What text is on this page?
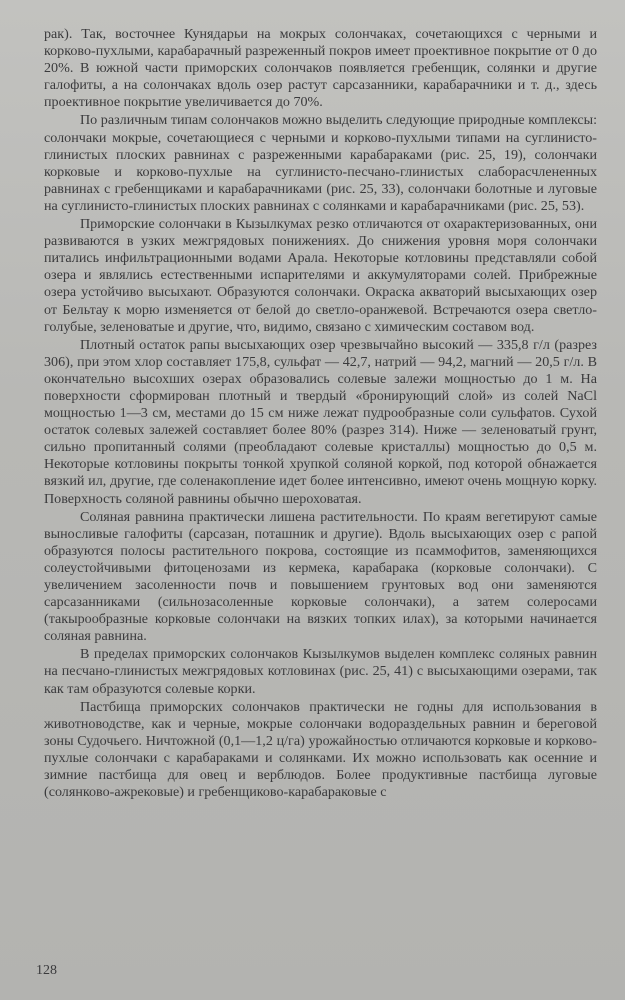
рак). Так, восточнее Кунядарьи на мокрых солончаках, сочетающихся с черными и корково-пухлыми, карабарачный разреженный покров имеет проективное покрытие от 0 до 20%. В южной части приморских солончаков появляется гребенщик, солянки и другие галофиты, а на солончаках вдоль озер растут сарсазанники, карабарачники и т. д., здесь проективное покрытие увеличивается до 70%.

По различным типам солончаков можно выделить следующие природные комплексы: солончаки мокрые, сочетающиеся с черными и корково-пухлыми типами на суглинисто-глинистых плоских равнинах с разреженными карабараками (рис. 25, 19), солончаки корковые и корково-пухлые на суглинисто-песчано-глинистых слаборасчлененных равнинах с гребенщиками и карабарачниками (рис. 25, 33), солончаки болотные и луговые на суглинисто-глинистых плоских равнинах с солянками и карабарачниками (рис. 25, 53).

Приморские солончаки в Кызылкумах резко отличаются от охарактеризованных, они развиваются в узких межгрядовых понижениях. До снижения уровня моря солончаки питались инфильтрационными водами Арала. Некоторые котловины представляли собой озера и являлись естественными испарителями и аккумуляторами солей. Прибрежные озера устойчиво высыхают. Образуются солончаки. Окраска акваторий высыхающих озер от Бельтау к морю изменяется от белой до светло-оранжевой. Встречаются озера светло-голубые, зеленоватые и другие, что, видимо, связано с химическим составом вод.

Плотный остаток рапы высыхающих озер чрезвычайно высокий — 335,8 г/л (разрез 306), при этом хлор составляет 175,8, сульфат — 42,7, натрий — 94,2, магний — 20,5 г/л. В окончательно высохших озерах образовались солевые залежи мощностью до 1 м. На поверхности сформирован плотный и твердый «бронирующий слой» из солей NaCl мощностью 1—3 см, местами до 15 см ниже лежат пудрообразные соли сульфатов. Сухой остаток солевых залежей составляет более 80% (разрез 314). Ниже — зеленоватый грунт, сильно пропитанный солями (преобладают солевые кристаллы) мощностью до 0,5 м. Некоторые котловины покрыты тонкой хрупкой соляной коркой, под которой обнажается вязкий ил, другие, где соленакопление идет более интенсивно, имеют очень мощную корку. Поверхность соляной равнины обычно шероховатая.

Соляная равнина практически лишена растительности. По краям вегетируют самые выносливые галофиты (сарсазан, поташник и другие). Вдоль высыхающих озер с рапой образуются полосы растительного покрова, состоящие из псаммофитов, заменяющихся солеустойчивыми фитоценозами из кермека, карабарака (корковые солончаки). С увеличением засоленности почв и повышением грунтовых вод они заменяются сарсазанниками (сильнозасоленные корковые солончаки), а затем солеросами (такырообразные корковые солончаки на вязких топких илах), за которыми начинается соляная равнина.

В пределах приморских солончаков Кызылкумов выделен комплекс соляных равнин на песчано-глинистых межгрядовых котловинах (рис. 25, 41) с высыхающими озерами, так как там образуются солевые корки.

Пастбища приморских солончаков практически не годны для использования в животноводстве, как и черные, мокрые солончаки водораздельных равнин и береговой зоны Судочьего. Ничтожной (0,1—1,2 ц/га) урожайностью отличаются корковые и корково-пухлые солончаки с карабараками и солянками. Их можно использовать как осенние и зимние пастбища для овец и верблюдов. Более продуктивные пастбища луговые (солянково-ажрековые) и гребенщиково-карабараковые с

128
